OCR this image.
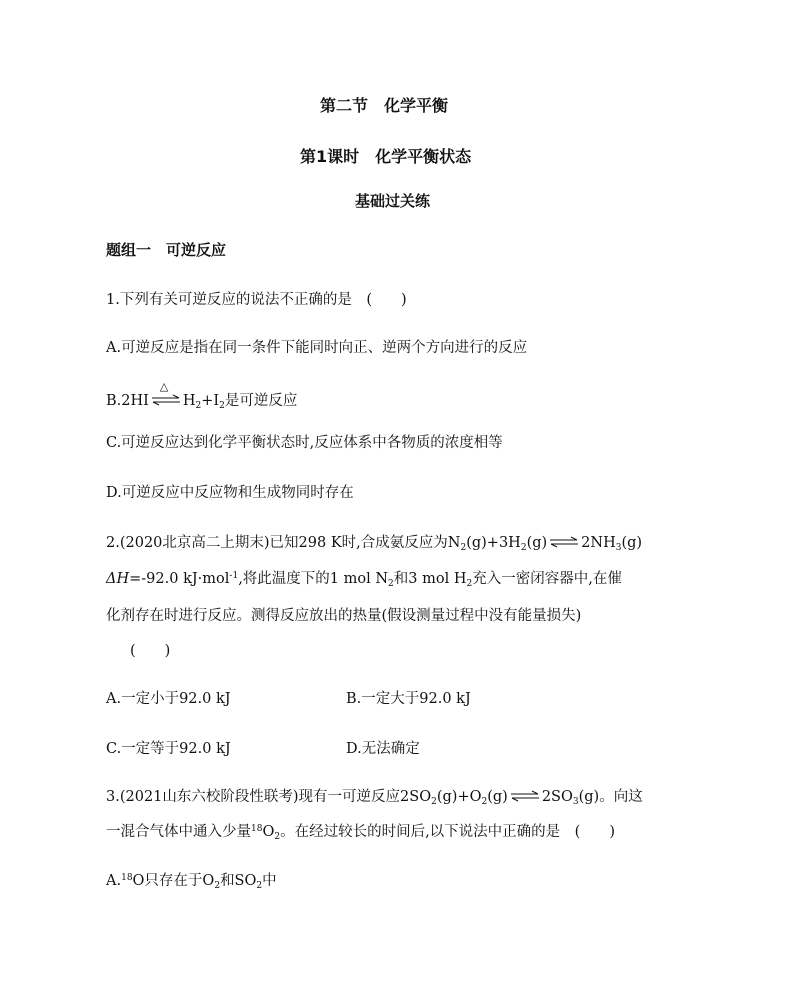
第二节　化学平衡
第1课时　化学平衡状态
基础过关练
题组一　可逆反应
1.下列有关可逆反应的说法不正确的是　(　　)
A.可逆反应是指在同一条件下能同时向正、逆两个方向进行的反应
B.2HI
△
$H_2+I_2$是可逆反应
C.可逆反应达到化学平衡状态时,反应体系中各物质的浓度相等
D.可逆反应中反应物和生成物同时存在
2.(2020北京高二上期末)已知298 K时,合成氨反应为$N_2(g)+3H_2(g)$ ⇌ $2NH_3(g)$
ΔH=-92.0 kJ·mol$^{-1}$,将此温度下的1 mol $N_2$和3 mol $H_2$充入一密闭容器中,在催
化剂存在时进行反应。测得反应放出的热量(假设测量过程中没有能量损失)
(　　)
A.一定小于92.0 kJ	B.一定大于92.0 kJ
C.一定等于92.0 kJ	D.无法确定
3.(2021山东六校阶段性联考)现有一可逆反应$2SO_2(g)+O_2(g)$ ⇌ $2SO_3(g)$。向这
一混合气体中通入少量$^{18}O_2$。在经过较长的时间后,以下说法中正确的是　(　　)
A.$^{18}$O只存在于$O_2$和$SO_2$中
